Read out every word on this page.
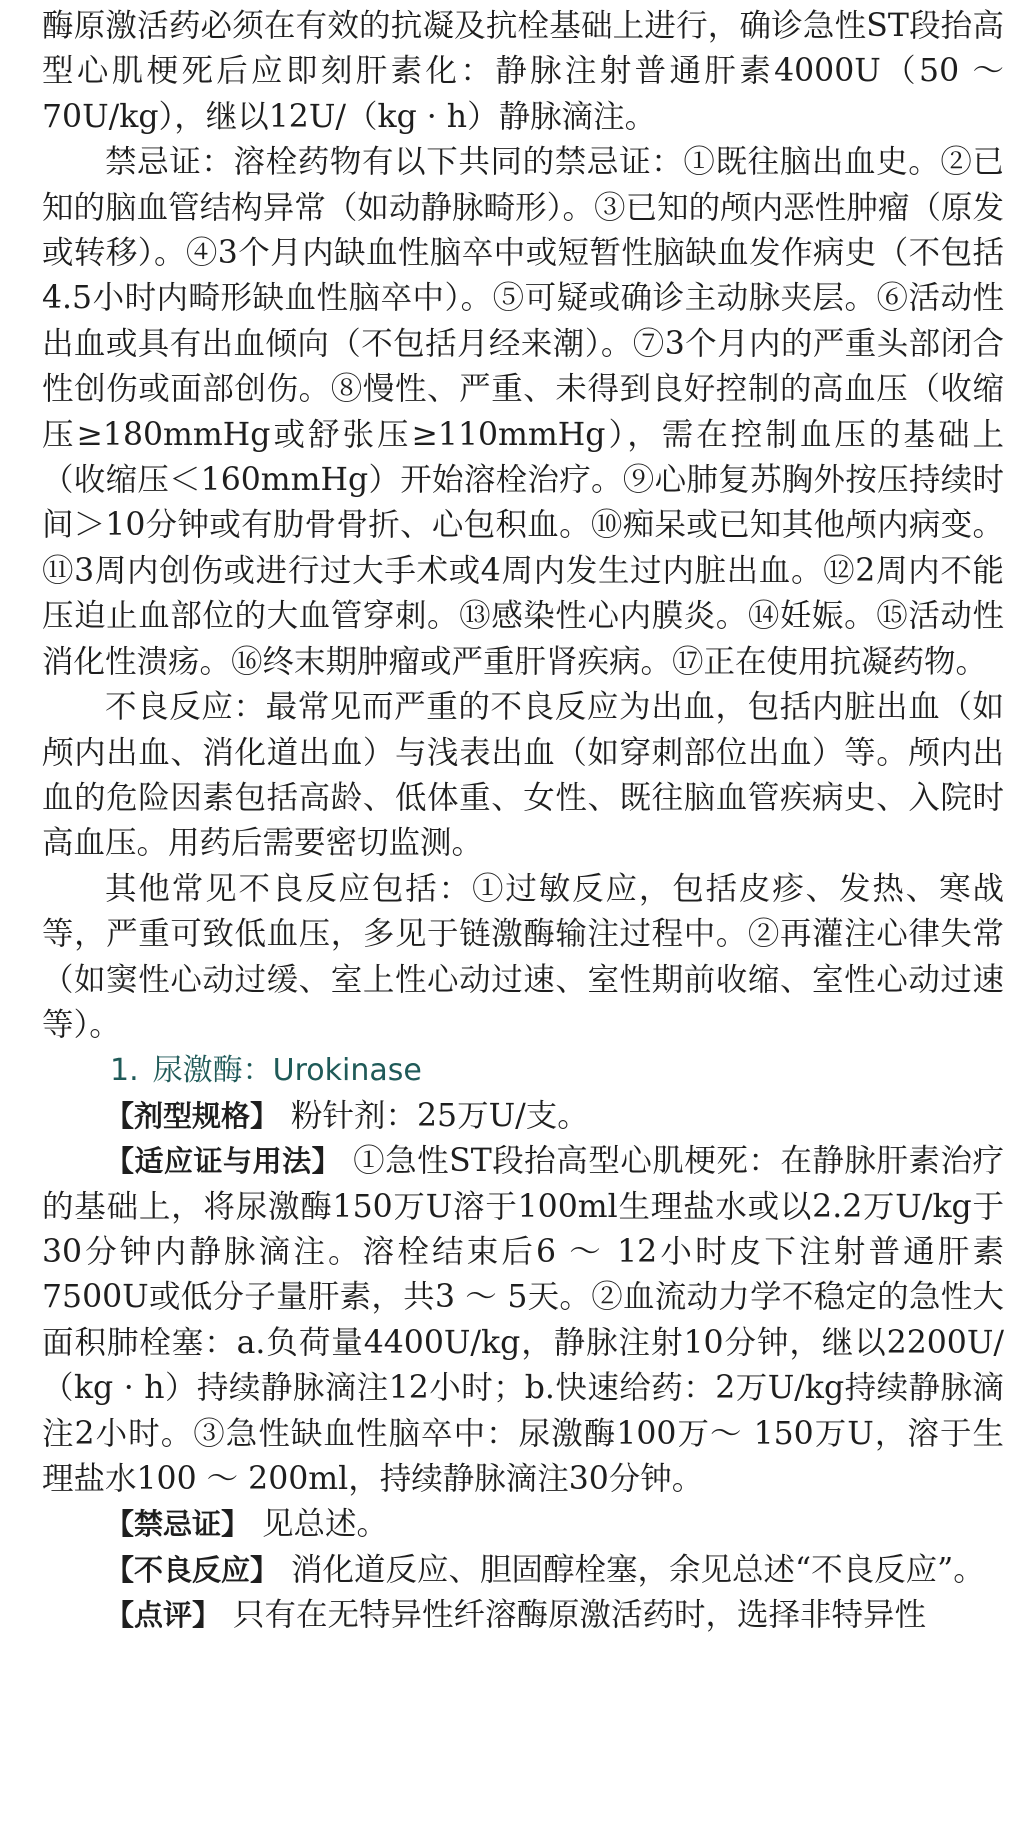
酶原激活药必须在有效的抗凝及抗栓基础上进行，确诊急性ST段抬高型心肌梗死后应即刻肝素化：静脉注射普通肝素4000U（50 ～ 70U/kg），继以12U/（kg · h）静脉滴注。

禁忌证：溶栓药物有以下共同的禁忌证：①既往脑出血史。②已知的脑血管结构异常（如动静脉畸形）。③已知的颅内恶性肿瘤（原发或转移）。④3个月内缺血性脑卒中或短暂性脑缺血发作病史（不包括4.5小时内畸形缺血性脑卒中）。⑤可疑或确诊主动脉夹层。⑥活动性出血或具有出血倾向（不包括月经来潮）。⑦3个月内的严重头部闭合性创伤或面部创伤。⑧慢性、严重、未得到良好控制的高血压（收缩压≥180mmHg或舒张压≥110mmHg），需在控制血压的基础上（收缩压＜160mmHg）开始溶栓治疗。⑨心肺复苏胸外按压持续时间＞10分钟或有肋骨骨折、心包积血。⑩痴呆或已知其他颅内病变。⑪3周内创伤或进行过大手术或4周内发生过内脏出血。⑫2周内不能压迫止血部位的大血管穿刺。⑬感染性心内膜炎。⑭妊娠。⑮活动性消化性溃疡。⑯终末期肿瘤或严重肝肾疾病。⑰正在使用抗凝药物。

不良反应：最常见而严重的不良反应为出血，包括内脏出血（如颅内出血、消化道出血）与浅表出血（如穿刺部位出血）等。颅内出血的危险因素包括高龄、低体重、女性、既往脑血管疾病史、入院时高血压。用药后需要密切监测。

其他常见不良反应包括：①过敏反应，包括皮疹、发热、寒战等，严重可致低血压，多见于链激酶输注过程中。②再灌注心律失常（如窦性心动过缓、室上性心动过速、室性期前收缩、室性心动过速等）。

1. 尿激酶：Urokinase

【剂型规格】 粉针剂：25万U/支。

【适应证与用法】 ①急性ST段抬高型心肌梗死：在静脉肝素治疗的基础上，将尿激酶150万U溶于100ml生理盐水或以2.2万U/kg于30分钟内静脉滴注。溶栓结束后6 ～ 12小时皮下注射普通肝素7500U或低分子量肝素，共3 ～ 5天。②血流动力学不稳定的急性大面积肺栓塞：a.负荷量4400U/kg，静脉注射10分钟，继以2200U/（kg · h）持续静脉滴注12小时；b.快速给药：2万U/kg持续静脉滴注2小时。③急性缺血性脑卒中：尿激酶100万～ 150万U，溶于生理盐水100 ～ 200ml，持续静脉滴注30分钟。

【禁忌证】 见总述。

【不良反应】 消化道反应、胆固醇栓塞，余见总述“不良反应”。

【点评】 只有在无特异性纤溶酶原激活药时，选择非特异性
